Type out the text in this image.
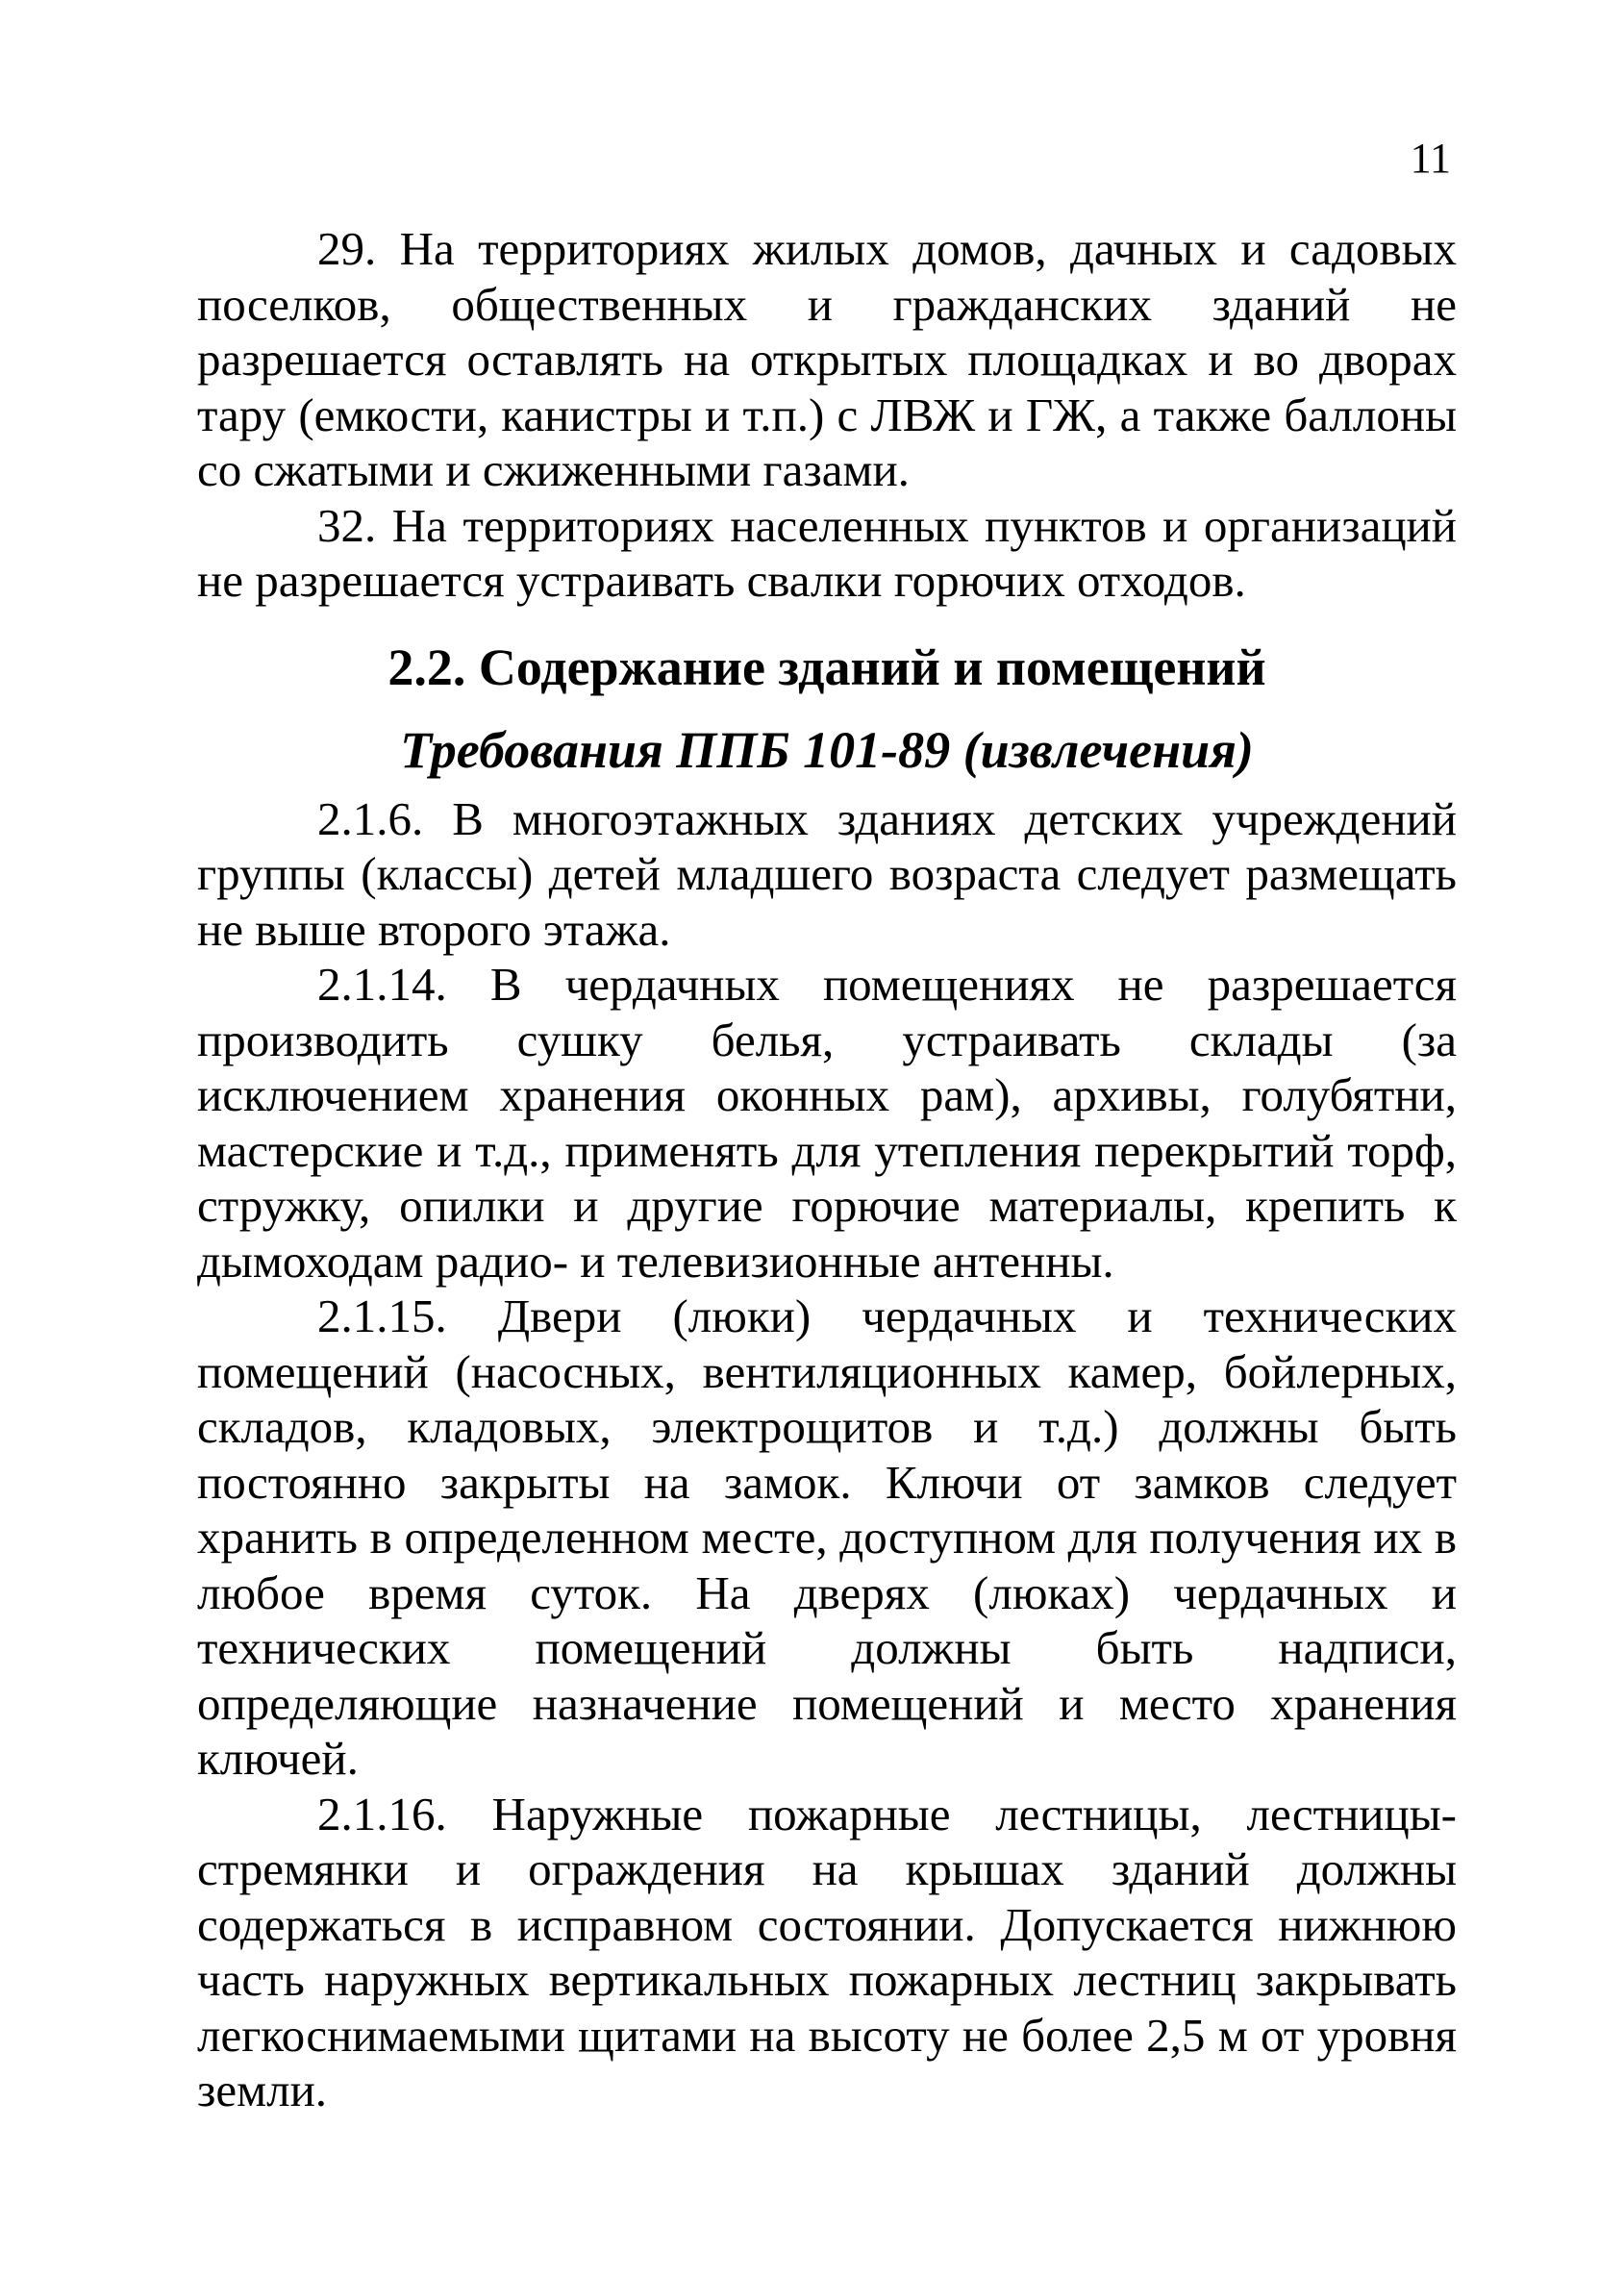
11

29. На территориях жилых домов, дачных и садовых поселков, общественных и гражданских зданий не разрешается оставлять на открытых площадках и во дворах тару (емкости, канистры и т.п.) с ЛВЖ и ГЖ, а также баллоны со сжатыми и сжиженными газами.

32. На территориях населенных пунктов и организаций не разрешается устраивать свалки горючих отходов.

2.2. Содержание зданий и помещений
Требования ППБ 101-89 (извлечения)

2.1.6. В многоэтажных зданиях детских учреждений группы (классы) детей младшего возраста следует размещать не выше второго этажа.

2.1.14. В чердачных помещениях не разрешается производить сушку белья, устраивать склады (за исключением хранения оконных рам), архивы, голубятни, мастерские и т.д., применять для утепления перекрытий торф, стружку, опилки и другие горючие материалы, крепить к дымоходам радио- и телевизионные антенны.

2.1.15. Двери (люки) чердачных и технических помещений (насосных, вентиляционных камер, бойлерных, складов, кладовых, электрощитов и т.д.) должны быть постоянно закрыты на замок. Ключи от замков следует хранить в определенном месте, доступном для получения их в любое время суток. На дверях (люках) чердачных и технических помещений должны быть надписи, определяющие назначение помещений и место хранения ключей.

2.1.16. Наружные пожарные лестницы, лестницы-стремянки и ограждения на крышах зданий должны содержаться в исправном состоянии. Допускается нижнюю часть наружных вертикальных пожарных лестниц закрывать легкоснимаемыми щитами на высоту не более 2,5 м от уровня земли.
